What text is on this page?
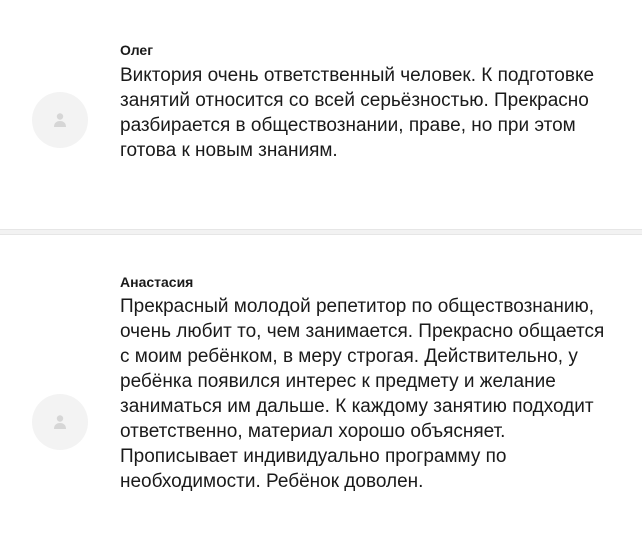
Олег

Виктория очень ответственный человек. К подготовке занятий относится со всей серьёзностью. Прекрасно разбирается в обществознании, праве, но при этом готова к новым знаниям.

Анастасия

Прекрасный молодой репетитор по обществознанию, очень любит то, чем занимается. Прекрасно общается с моим ребёнком, в меру строгая. Действительно, у ребёнка появился интерес к предмету и желание заниматься им дальше. К каждому занятию подходит ответственно, материал хорошо объясняет. Прописывает индивидуально программу по необходимости. Ребёнок доволен.

Avito
